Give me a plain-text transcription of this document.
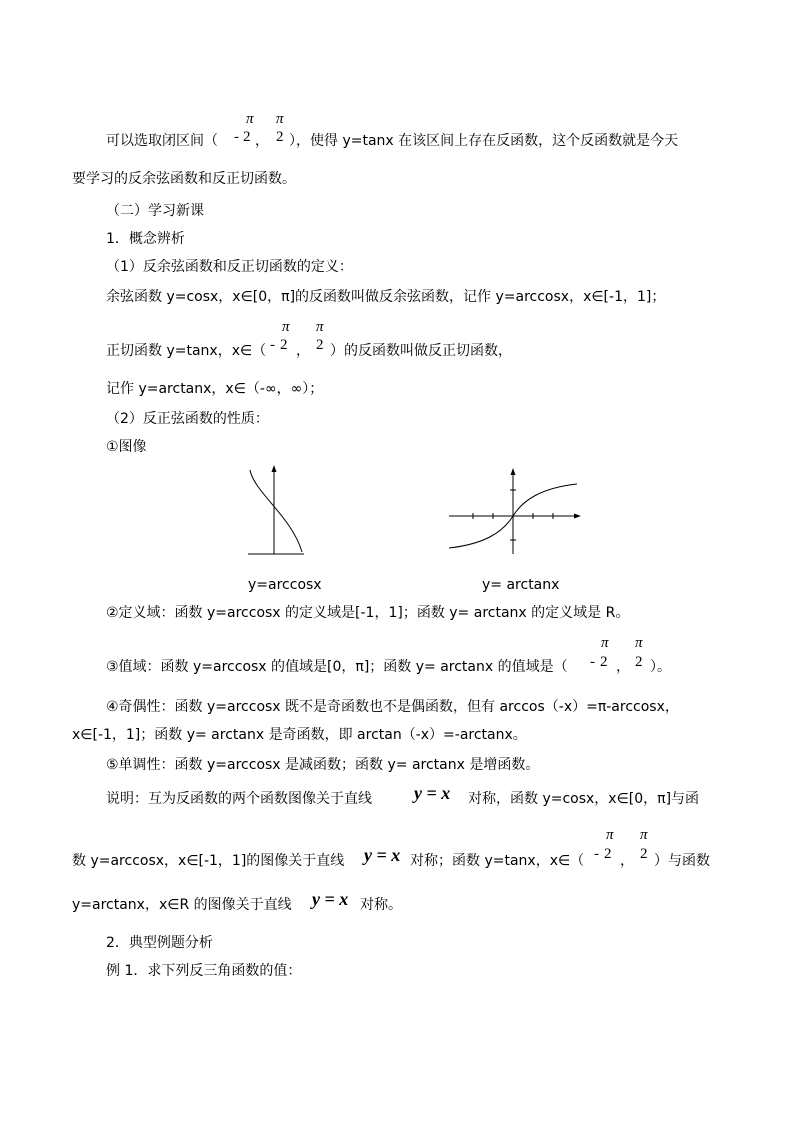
π
- 2
π
2
可以选取闭区间（	， ），使得 y=tanx 在该区间上存在反函数，这个反函数就是今天
要学习的反余弦函数和反正切函数。
（二）学习新课
1．概念辨析
（1）反余弦函数和反正切函数的定义：
余弦函数 y=cosx，x∈[0，π]的反函数叫做反余弦函数，记作 y=arccosx，x∈[-1，1]；
π
- 2
π
2
正切函数 y=tanx，x∈（ ， ）的反函数叫做反正切函数，
记作 y=arctanx，x∈（-∞，∞）；
（2）反正弦函数的性质：
①图像
y=arccosx	y= arctanx
②定义域：函数 y=arccosx 的定义域是[-1，1]；函数 y= arctanx 的定义域是 R。
π
- 2
π
2
③值域：函数 y=arccosx 的值域是[0，π]；函数 y= arctanx 的值域是（	， ）。
④奇偶性：函数 y=arccosx 既不是奇函数也不是偶函数，但有 arccos（-x）=π-arccosx，
x∈[-1，1]；函数 y= arctanx 是奇函数，即 arctan（-x）=-arctanx。
⑤单调性：函数 y=arccosx 是减函数；函数 y= arctanx 是增函数。
说明：互为反函数的两个函数图像关于直线 y = x 对称，函数 y=cosx，x∈[0，π]与函
π
- 2
π
2
数 y=arccosx，x∈[-1，1]的图像关于直线 y = x 对称；函数 y=tanx，x∈（	， ）与函数
y=arctanx，x∈R 的图像关于直线 y = x 对称。
2．典型例题分析
例 1．求下列反三角函数的值：
